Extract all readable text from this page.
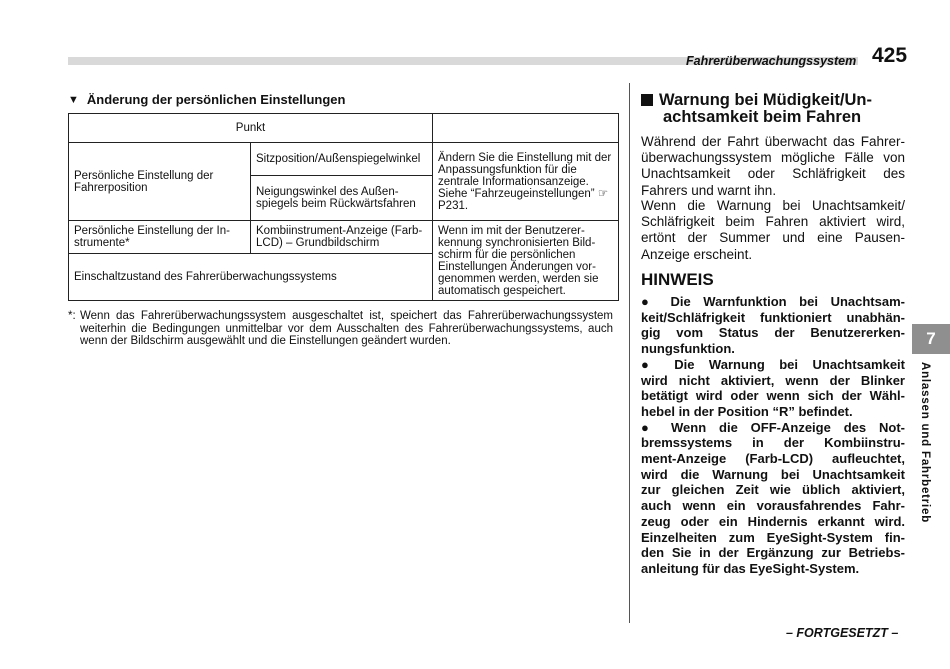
Fahrerüberwachungssystem 425
▼ Änderung der persönlichen Einstellungen
Punkt		
Persönliche Einstellung der Fahrerposition	Sitzposition/Außenspiegelwinkel	Ändern Sie die Einstellung mit der Anpassungsfunktion für die zentrale Informationsanzeige. Siehe “Fahrzeugeinstellungen” ☞P231.
	Neigungswinkel des Außenspiegels beim Rückwärtsfahren	
Persönliche Einstellung der Instrumente*	Kombiinstrument-Anzeige (Farb-LCD) – Grundbildschirm	Wenn im mit der Benutzererkennung synchronisierten Bildschirm für die persönlichen Einstellungen Änderungen vorgenommen werden, werden sie automatisch gespeichert.
Einschaltzustand des Fahrerüberwachungssystems		
*: Wenn das Fahrerüberwachungssystem ausgeschaltet ist, speichert das Fahrerüberwachungssystem weiterhin die Bedingungen unmittelbar vor dem Ausschalten des Fahrerüberwachungssystems, auch wenn der Bildschirm ausgewählt und die Einstellungen geändert wurden.
Warnung bei Müdigkeit/Un-
achtsamkeit beim Fahren
Während der Fahrt überwacht das Fahrer-
überwachungssystem mögliche Fälle von
Unachtsamkeit oder Schläfrigkeit des
Fahrers und warnt ihn.
Wenn die Warnung bei Unachtsamkeit/
Schläfrigkeit beim Fahren aktiviert wird,
ertönt der Summer und eine Pausen-
Anzeige erscheint.
HINWEIS
● Die Warnfunktion bei Unachtsam-
keit/Schläfrigkeit funktioniert unabhän-
gig vom Status der Benutzererken-
nungsfunktion.
● Die Warnung bei Unachtsamkeit
wird nicht aktiviert, wenn der Blinker
betätigt wird oder wenn sich der Wähl-
hebel in der Position “R” befindet.
● Wenn die OFF-Anzeige des Not-
bremssystems in der Kombiinstru-
ment-Anzeige (Farb-LCD) aufleuchtet,
wird die Warnung bei Unachtsamkeit
zur gleichen Zeit wie üblich aktiviert,
auch wenn ein vorausfahrendes Fahr-
zeug oder ein Hindernis erkannt wird.
Einzelheiten zum EyeSight-System fin-
den Sie in der Ergänzung zur Betriebs-
anleitung für das EyeSight-System.
7
Anlassen und Fahrbetrieb
– FORTGESETZT –
